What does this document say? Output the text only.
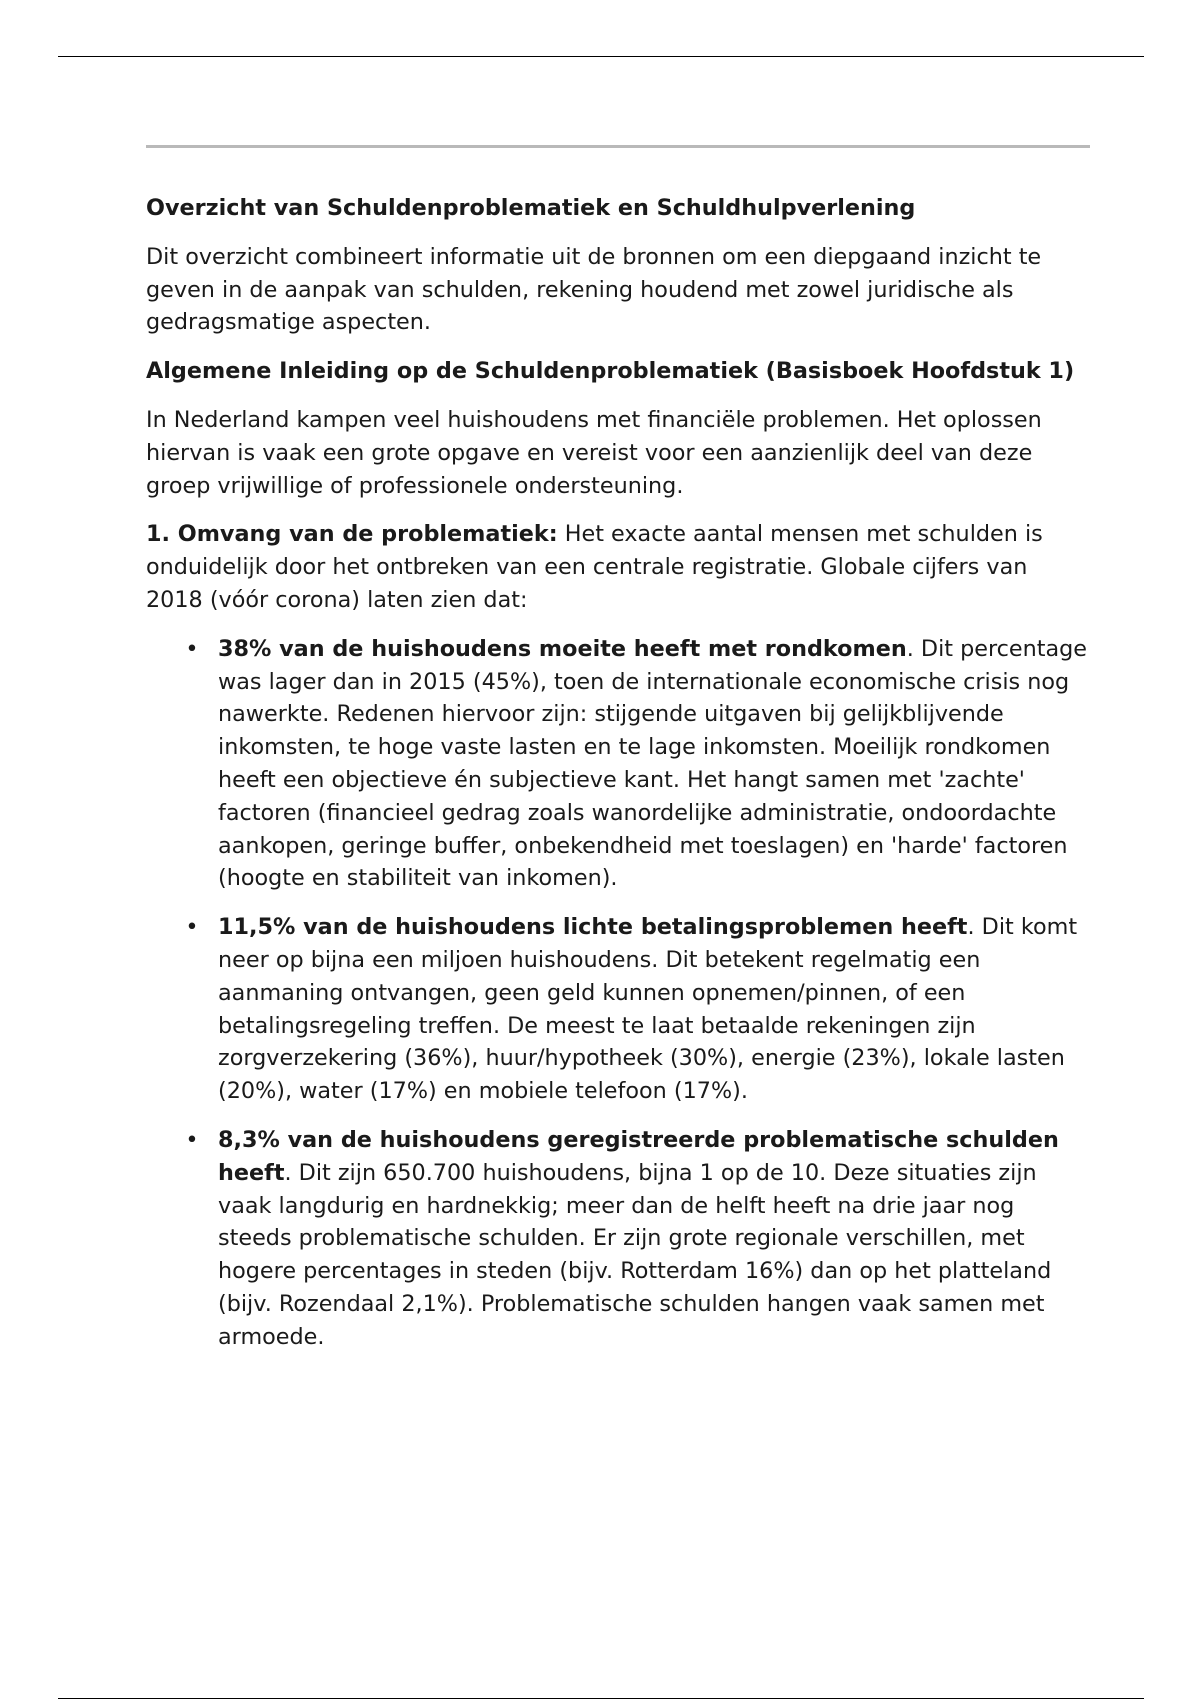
Overzicht van Schuldenproblematiek en Schuldhulpverlening

Dit overzicht combineert informatie uit de bronnen om een diepgaand inzicht te geven in de aanpak van schulden, rekening houdend met zowel juridische als gedragsmatige aspecten.

Algemene Inleiding op de Schuldenproblematiek (Basisboek Hoofdstuk 1)

In Nederland kampen veel huishoudens met financiële problemen. Het oplossen hiervan is vaak een grote opgave en vereist voor een aanzienlijk deel van deze groep vrijwillige of professionele ondersteuning.

1. Omvang van de problematiek: Het exacte aantal mensen met schulden is onduidelijk door het ontbreken van een centrale registratie. Globale cijfers van 2018 (vóór corona) laten zien dat:

• 38% van de huishoudens moeite heeft met rondkomen. Dit percentage was lager dan in 2015 (45%), toen de internationale economische crisis nog nawerkte. Redenen hiervoor zijn: stijgende uitgaven bij gelijkblijvende inkomsten, te hoge vaste lasten en te lage inkomsten. Moeilijk rondkomen heeft een objectieve én subjectieve kant. Het hangt samen met 'zachte' factoren (financieel gedrag zoals wanordelijke administratie, ondoordachte aankopen, geringe buffer, onbekendheid met toeslagen) en 'harde' factoren (hoogte en stabiliteit van inkomen).
• 11,5% van de huishoudens lichte betalingsproblemen heeft. Dit komt neer op bijna een miljoen huishoudens. Dit betekent regelmatig een aanmaning ontvangen, geen geld kunnen opnemen/pinnen, of een betalingsregeling treffen. De meest te laat betaalde rekeningen zijn zorgverzekering (36%), huur/hypotheek (30%), energie (23%), lokale lasten (20%), water (17%) en mobiele telefoon (17%).
• 8,3% van de huishoudens geregistreerde problematische schulden heeft. Dit zijn 650.700 huishoudens, bijna 1 op de 10. Deze situaties zijn vaak langdurig en hardnekkig; meer dan de helft heeft na drie jaar nog steeds problematische schulden. Er zijn grote regionale verschillen, met hogere percentages in steden (bijv. Rotterdam 16%) dan op het platteland (bijv. Rozendaal 2,1%). Problematische schulden hangen vaak samen met armoede.
